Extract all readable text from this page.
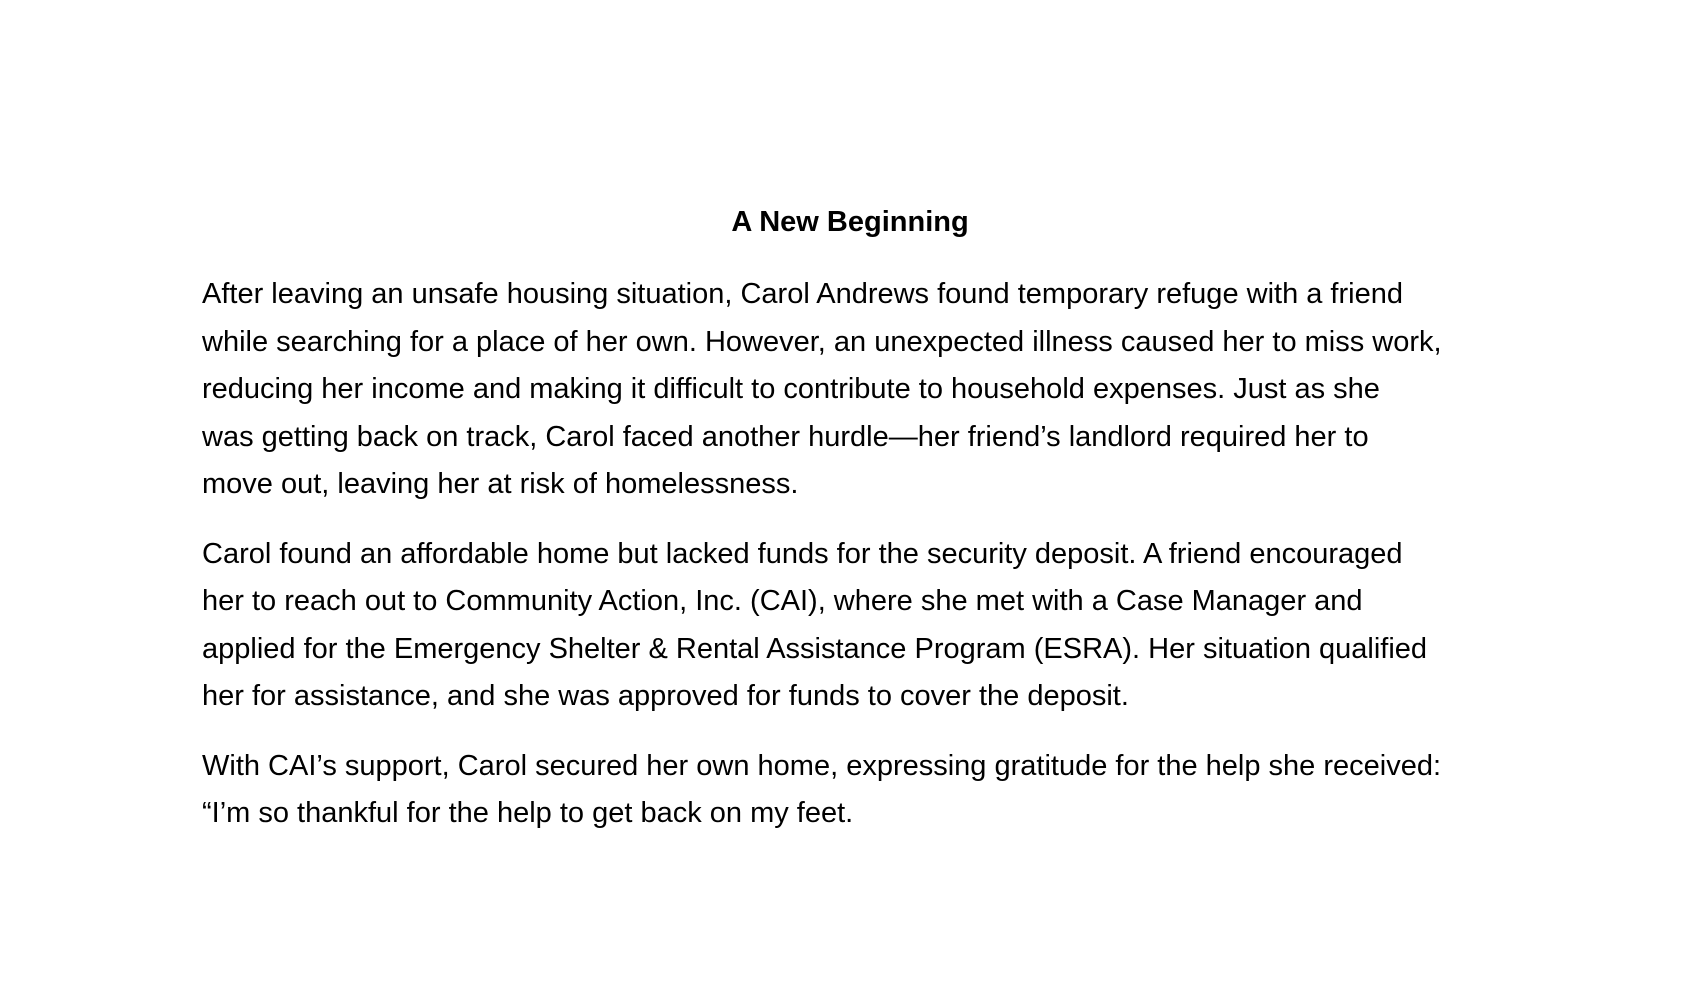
A New Beginning

After leaving an unsafe housing situation, Carol Andrews found temporary refuge with a friend
while searching for a place of her own. However, an unexpected illness caused her to miss work,
reducing her income and making it difficult to contribute to household expenses. Just as she
was getting back on track, Carol faced another hurdle—her friend’s landlord required her to
move out, leaving her at risk of homelessness.

Carol found an affordable home but lacked funds for the security deposit. A friend encouraged
her to reach out to Community Action, Inc. (CAI), where she met with a Case Manager and
applied for the Emergency Shelter & Rental Assistance Program (ESRA). Her situation qualified
her for assistance, and she was approved for funds to cover the deposit.

With CAI’s support, Carol secured her own home, expressing gratitude for the help she received:
“I’m so thankful for the help to get back on my feet.
